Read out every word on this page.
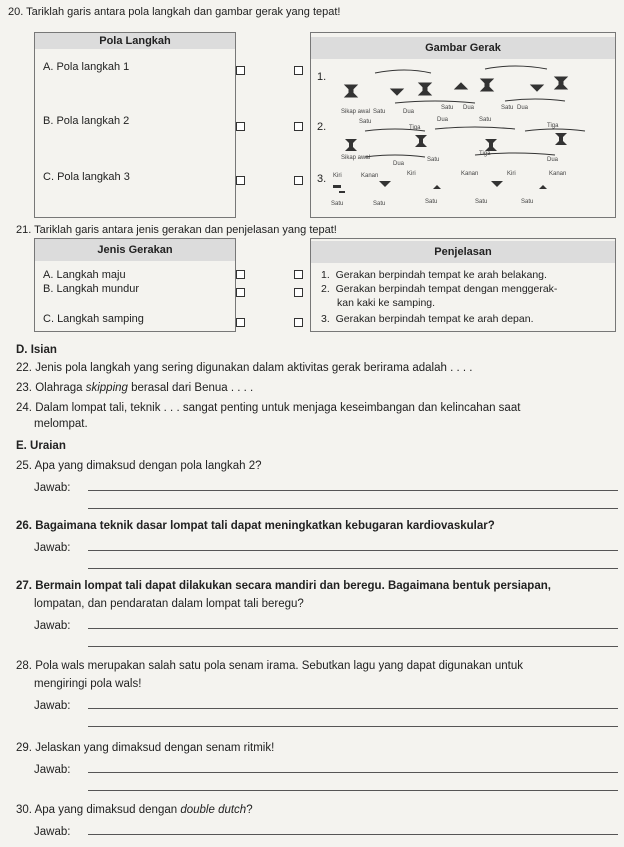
20. Tariklah garis antara pola langkah dan gambar gerak yang tepat!
Pola Langkah
A. Pola langkah 1
B. Pola langkah 2
C. Pola langkah 3
Gambar Gerak
1.
2.
3.
Sikap awal Satu	Dua
Satu Dua	Satu Dua
Satu	Dua	Satu
Tiga	Tiga
Sikap awal
Dua
Satu
Tiga
Dua
Kiri	Kanan	Kiri	Kanan	Kiri	Kanan
Satu	Satu	Satu	Satu	Satu
21. Tariklah garis antara jenis gerakan dan penjelasan yang tepat!
Jenis Gerakan
A. Langkah maju
B. Langkah mundur
C. Langkah samping
Penjelasan
1. Gerakan berpindah tempat ke arah belakang.
2. Gerakan berpindah tempat dengan menggerak-
kan kaki ke samping.
3. Gerakan berpindah tempat ke arah depan.
D. Isian
22. Jenis pola langkah yang sering digunakan dalam aktivitas gerak berirama adalah . . . .
23. Olahraga skipping berasal dari Benua . . . .
24. Dalam lompat tali, teknik . . . sangat penting untuk menjaga keseimbangan dan kelincahan saat
melompat.
E. Uraian
25. Apa yang dimaksud dengan pola langkah 2?
Jawab:
26. Bagaimana teknik dasar lompat tali dapat meningkatkan kebugaran kardiovaskular?
Jawab:
27. Bermain lompat tali dapat dilakukan secara mandiri dan beregu. Bagaimana bentuk persiapan,
lompatan, dan pendaratan dalam lompat tali beregu?
Jawab:
28. Pola wals merupakan salah satu pola senam irama. Sebutkan lagu yang dapat digunakan untuk
mengiringi pola wals!
Jawab:
29. Jelaskan yang dimaksud dengan senam ritmik!
Jawab:
30. Apa yang dimaksud dengan double dutch?
Jawab:
